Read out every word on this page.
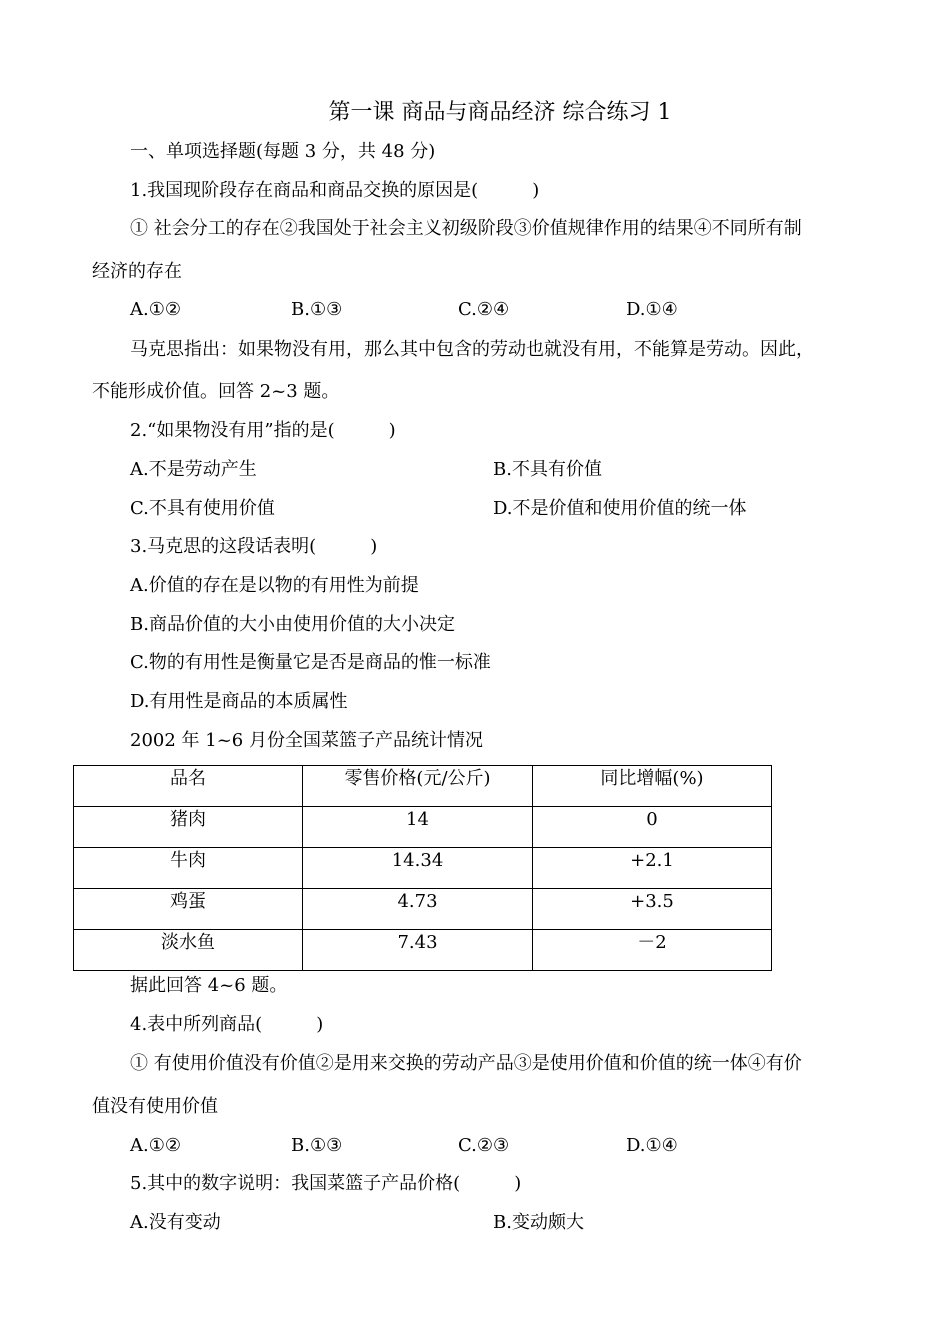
第一课 商品与商品经济 综合练习 1
一、单项选择题(每题 3 分，共 48 分)
1.我国现阶段存在商品和商品交换的原因是(　　　)
① 社会分工的存在②我国处于社会主义初级阶段③价值规律作用的结果④不同所有制
经济的存在
A.①②	B.①③	C.②④	D.①④
马克思指出：如果物没有用，那么其中包含的劳动也就没有用，不能算是劳动。因此，
不能形成价值。回答 2~3 题。
2.“如果物没有用”指的是(　　　)
A.不是劳动产生	B.不具有价值
C.不具有使用价值	D.不是价值和使用价值的统一体
3.马克思的这段话表明(　　　)
A.价值的存在是以物的有用性为前提
B.商品价值的大小由使用价值的大小决定
C.物的有用性是衡量它是否是商品的惟一标准
D.有用性是商品的本质属性
2002 年 1~6 月份全国菜篮子产品统计情况
品名	零售价格(元/公斤)	同比增幅(%)
猪肉	14	0
牛肉	14.34	+2.1
鸡蛋	4.73	+3.5
淡水鱼	7.43	－2
据此回答 4~6 题。
4.表中所列商品(　　　)
① 有使用价值没有价值②是用来交换的劳动产品③是使用价值和价值的统一体④有价
值没有使用价值
A.①②	B.①③	C.②③	D.①④
5.其中的数字说明：我国菜篮子产品价格(　　　)
A.没有变动	B.变动颇大
